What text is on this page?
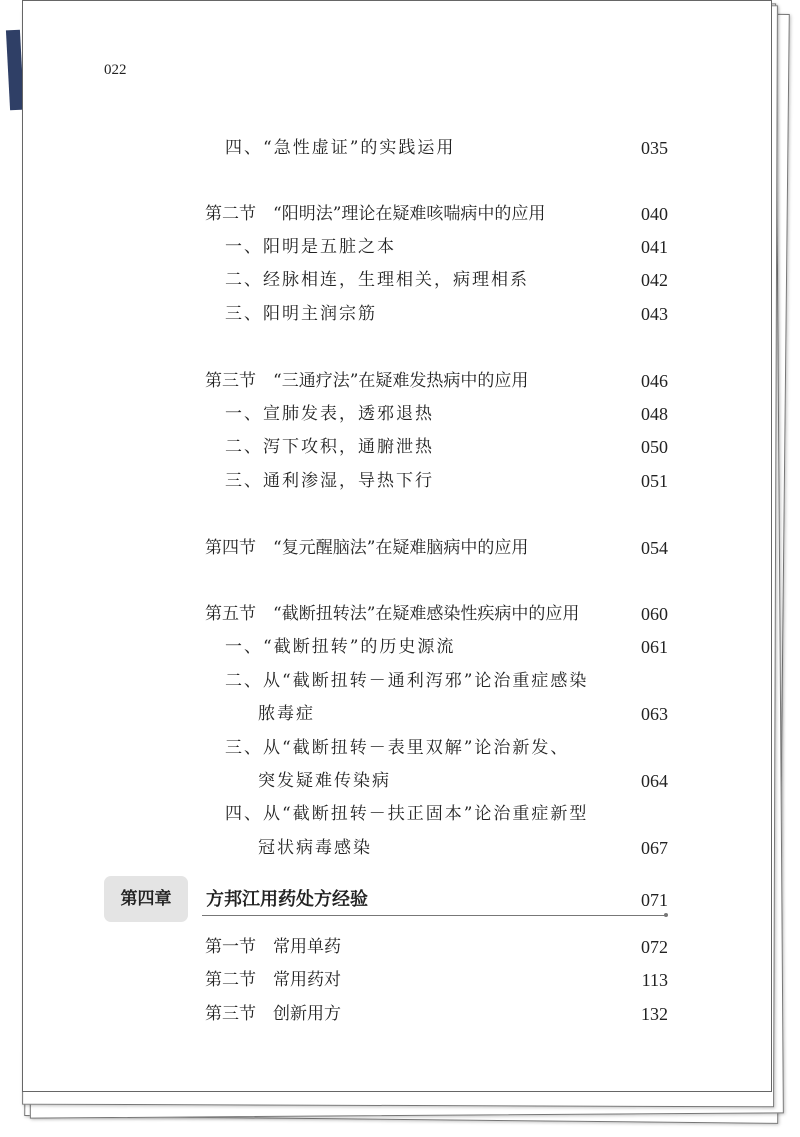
022
四、“急性虚证”的实践运用	035
第二节　“阳明法”理论在疑难咳喘病中的应用	040
一、阳明是五脏之本	041
二、经脉相连，生理相关，病理相系	042
三、阳明主润宗筋	043
第三节　“三通疗法”在疑难发热病中的应用	046
一、宣肺发表，透邪退热	048
二、泻下攻积，通腑泄热	050
三、通利渗湿，导热下行	051
第四节　“复元醒脑法”在疑难脑病中的应用	054
第五节　“截断扭转法”在疑难感染性疾病中的应用	060
一、“截断扭转”的历史源流	061
二、从“截断扭转－通利泻邪”论治重症感染
脓毒症	063
三、从“截断扭转－表里双解”论治新发、
突发疑难传染病	064
四、从“截断扭转－扶正固本”论治重症新型
冠状病毒感染	067
第四章	方邦江用药处方经验	071
第一节　常用单药	072
第二节　常用药对	113
第三节　创新用方	132
